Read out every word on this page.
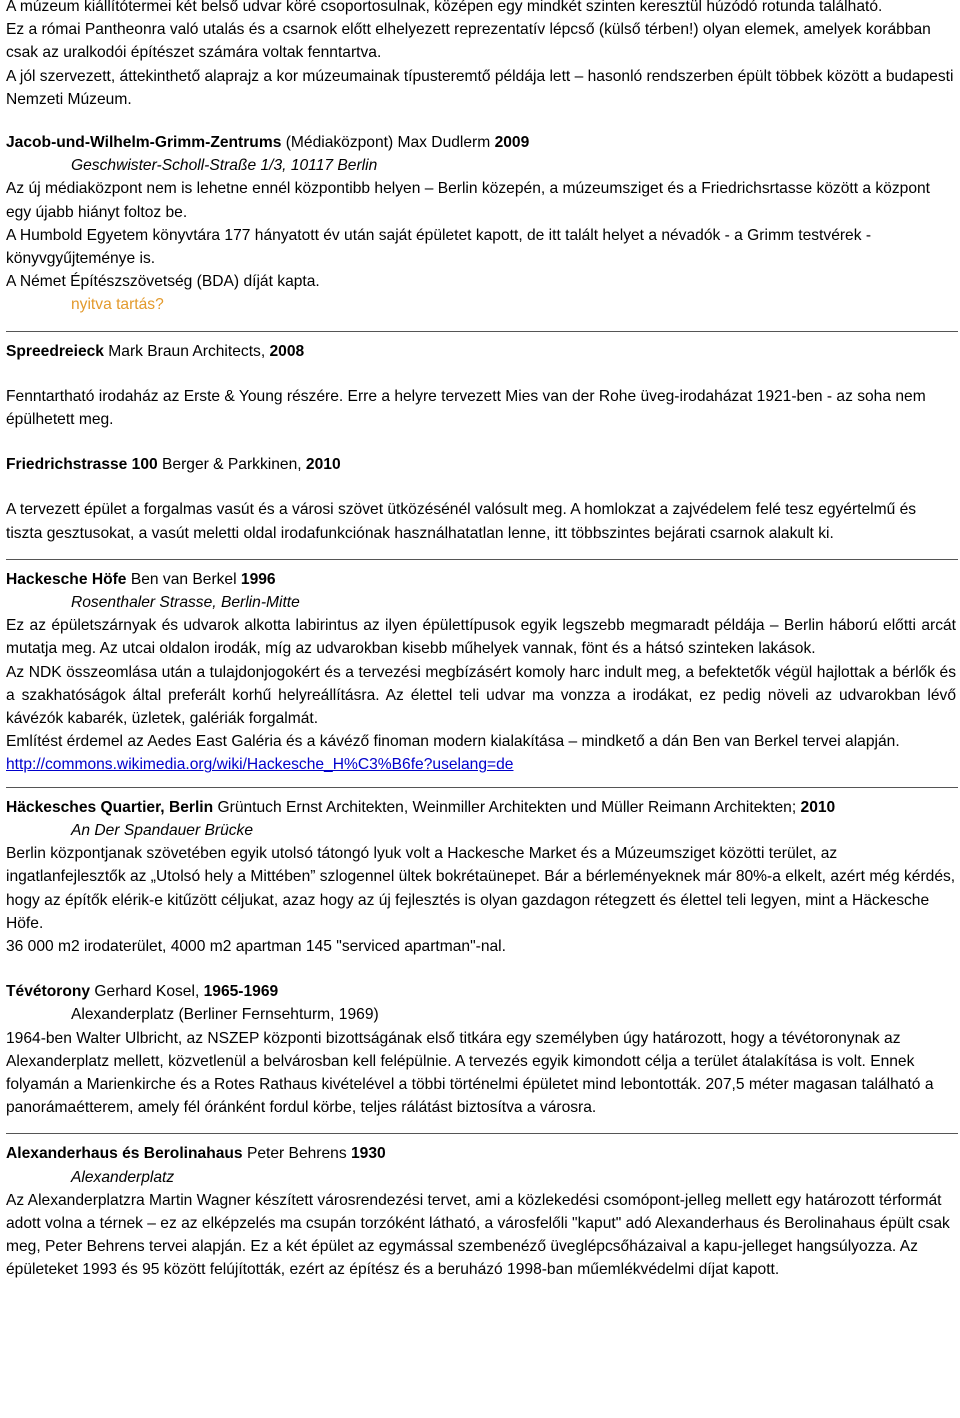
A múzeum kiállítótermei két belső udvar köré csoportosulnak, középen egy mindkét szinten keresztül húzódó rotunda található.

Ez a római Pantheonra való utalás és a csarnok előtt elhelyezett reprezentatív lépcső (külső térben!) olyan elemek, amelyek korábban csak az uralkodói építészet számára voltak fenntartva.

A jól szervezett, áttekinthető alaprajz a kor múzeumainak típusteremtő példája lett – hasonló rendszerben épült többek között a budapesti Nemzeti Múzeum.

Jacob-und-Wilhelm-Grimm-Zentrums (Médiaközpont) Max Dudlerm 2009

Geschwister-Scholl-Straße 1/3, 10117 Berlin

Az új médiaközpont nem is lehetne ennél központibb helyen – Berlin közepén, a múzeumsziget és a Friedrichsrtasse között a központ egy újabb hiányt foltoz be.

A Humbold Egyetem könyvtára 177 hányatott év után saját épületet kapott, de itt talált helyet a névadók - a Grimm testvérek - könyvgyűjteménye is.

A Német Építészszövetség (BDA) díját kapta.

nyitva tartás?

Spreedreieck Mark Braun Architects, 2008

Fenntartható irodaház az Erste & Young részére. Erre a helyre tervezett Mies van der Rohe üveg-irodaházat 1921-ben - az soha nem épülhetett meg.

Friedrichstrasse 100 Berger & Parkkinen, 2010

A tervezett épület a forgalmas vasút és a városi szövet ütközésénél valósult meg. A homlokzat a zajvédelem felé tesz egyértelmű és tiszta gesztusokat, a vasút meletti oldal irodafunkciónak használhatatlan lenne, itt többszintes bejárati csarnok alakult ki.

Hackesche Höfe Ben van Berkel 1996

Rosenthaler Strasse, Berlin-Mitte

Ez az épületszárnyak és udvarok alkotta labirintus az ilyen épülettípusok egyik legszebb megmaradt példája – Berlin háború előtti arcát mutatja meg. Az utcai oldalon irodák, míg az udvarokban kisebb műhelyek vannak, fönt és a hátsó szinteken lakások.

Az NDK összeomlása után a tulajdonjogokért és a tervezési megbízásért komoly harc indult meg, a befektetők végül hajlottak a bérlők és a szakhatóságok által preferált korhű helyreállításra. Az élettel teli udvar ma vonzza a irodákat, ez pedig növeli az udvarokban lévő kávézók kabarék, üzletek, galériák forgalmát.

Említést érdemel az Aedes East Galéria és a kávéző finoman modern kialakítása – mindkető a dán Ben van Berkel tervei alapján.

http://commons.wikimedia.org/wiki/Hackesche_H%C3%B6fe?uselang=de

Häckesches Quartier, Berlin Grüntuch Ernst Architekten, Weinmiller Architekten und Müller Reimann Architekten; 2010

An Der Spandauer Brücke

Berlin központjanak szövetében egyik utolsó tátongó lyuk volt a Hackesche Market és a Múzeumsziget közötti terület, az ingatlanfejlesztők az „Utolsó hely a Mittében” szlogennel ültek bokrétaünepet. Bár a bérleményeknek már 80%-a elkelt, azért még kérdés, hogy az építők elérik-e kitűzött céljukat, azaz hogy az új fejlesztés is olyan gazdagon rétegzett és élettel teli legyen, mint a Häckesche Höfe.

36 000 m2 irodaterület, 4000 m2 apartman 145 "serviced apartman"-nal.

Tévétorony Gerhard Kosel, 1965-1969

Alexanderplatz (Berliner Fernsehturm, 1969)

1964-ben Walter Ulbricht, az NSZEP központi bizottságának első titkára egy személyben úgy határozott, hogy a tévétoronynak az Alexanderplatz mellett, közvetlenül a belvárosban kell felépülnie. A tervezés egyik kimondott célja a terület átalakítása is volt. Ennek folyamán a Marienkirche és a Rotes Rathaus kivételével a többi történelmi épületet mind lebontották. 207,5 méter magasan található a panorámaétterem, amely fél óránként fordul körbe, teljes rálátást biztosítva a városra.

Alexanderhaus és Berolinahaus Peter Behrens 1930

Alexanderplatz

Az Alexanderplatzra Martin Wagner készített városrendezési tervet, ami a közlekedési csomópont-jelleg mellett egy határozott térformát adott volna a térnek – ez az elképzelés ma csupán torzóként látható, a városfelőli "kaput" adó Alexanderhaus és Berolinahaus épült csak meg, Peter Behrens tervei alapján. Ez a két épület az egymással szembenéző üveglépcsőházaival a kapu-jelleget hangsúlyozza. Az épületeket 1993 és 95 között felújították, ezért az építész és a beruházó 1998-ban műemlékvédelmi díjat kapott.
